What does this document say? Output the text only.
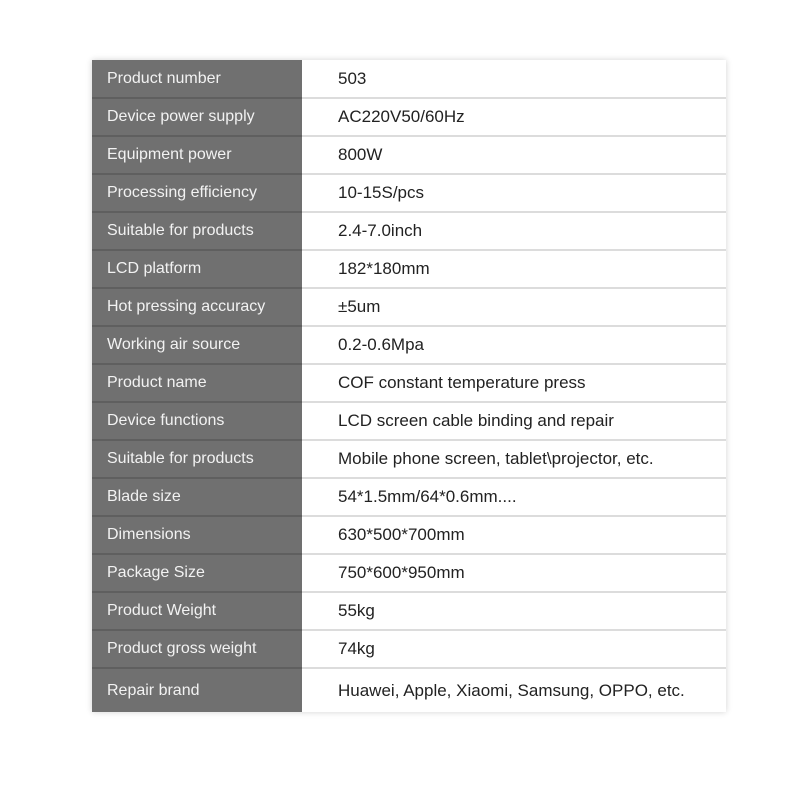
Product number	503
Device power supply	AC220V50/60Hz
Equipment power	800W
Processing efficiency	10-15S/pcs
Suitable for products	2.4-7.0inch
LCD platform	182*180mm
Hot pressing accuracy	±5um
Working air source	0.2-0.6Mpa
Product name	COF constant temperature press
Device functions	LCD screen cable binding and repair
Suitable for products	Mobile phone screen, tablet\projector, etc.
Blade size	54*1.5mm/64*0.6mm....
Dimensions	630*500*700mm
Package Size	750*600*950mm
Product Weight	55kg
Product gross weight	74kg
Repair brand	Huawei, Apple, Xiaomi, Samsung, OPPO, etc.
